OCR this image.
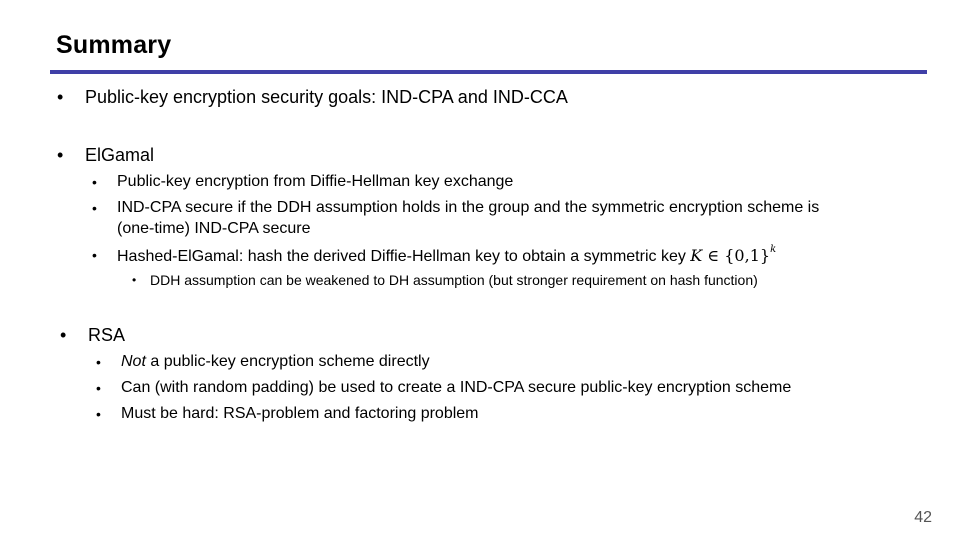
Summary
• Public-key encryption security goals: IND-CPA and IND-CCA
• ElGamal
• Public-key encryption from Diffie-Hellman key exchange
• IND-CPA secure if the DDH assumption holds in the group and the symmetric encryption scheme is
(one-time) IND-CPA secure
• Hashed-ElGamal: hash the derived Diffie-Hellman key to obtain a symmetric key K ∈ $\{0,1\}^k$
• DDH assumption can be weakened to DH assumption (but stronger requirement on hash function)
• RSA
• Not a public-key encryption scheme directly
• Can (with random padding) be used to create a IND-CPA secure public-key encryption scheme
• Must be hard: RSA-problem and factoring problem
42
